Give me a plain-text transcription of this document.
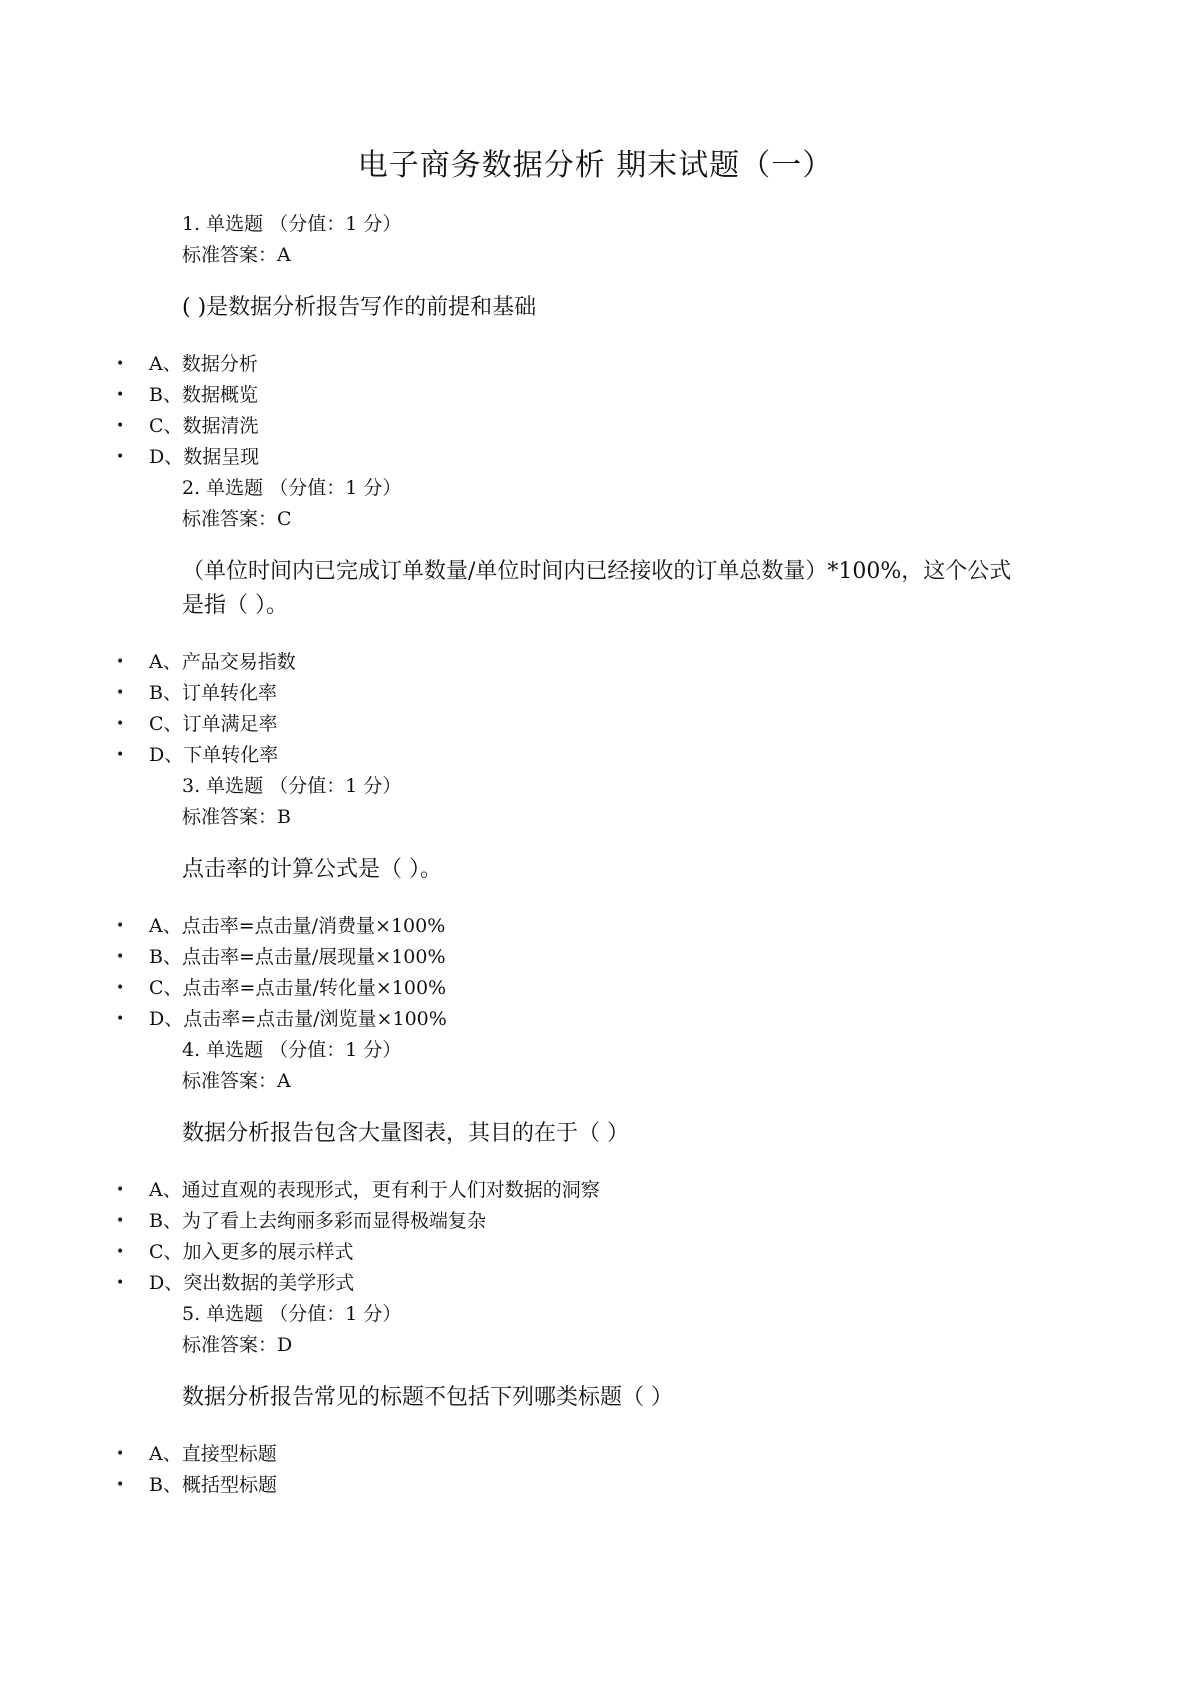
电子商务数据分析 期末试题（一）
1. 单选题 （分值：1 分）
标准答案：A
( )是数据分析报告写作的前提和基础
• A、数据分析
• B、数据概览
• C、数据清洗
• D、数据呈现
2. 单选题 （分值：1 分）
标准答案：C
（单位时间内已完成订单数量/单位时间内已经接收的订单总数量）*100%，这个公式是指（ ）。
• A、产品交易指数
• B、订单转化率
• C、订单满足率
• D、下单转化率
3. 单选题 （分值：1 分）
标准答案：B
点击率的计算公式是（ ）。
• A、点击率=点击量/消费量×100%
• B、点击率=点击量/展现量×100%
• C、点击率=点击量/转化量×100%
• D、点击率=点击量/浏览量×100%
4. 单选题 （分值：1 分）
标准答案：A
数据分析报告包含大量图表，其目的在于（ ）
• A、通过直观的表现形式，更有利于人们对数据的洞察
• B、为了看上去绚丽多彩而显得极端复杂
• C、加入更多的展示样式
• D、突出数据的美学形式
5. 单选题 （分值：1 分）
标准答案：D
数据分析报告常见的标题不包括下列哪类标题（ ）
• A、直接型标题
• B、概括型标题
